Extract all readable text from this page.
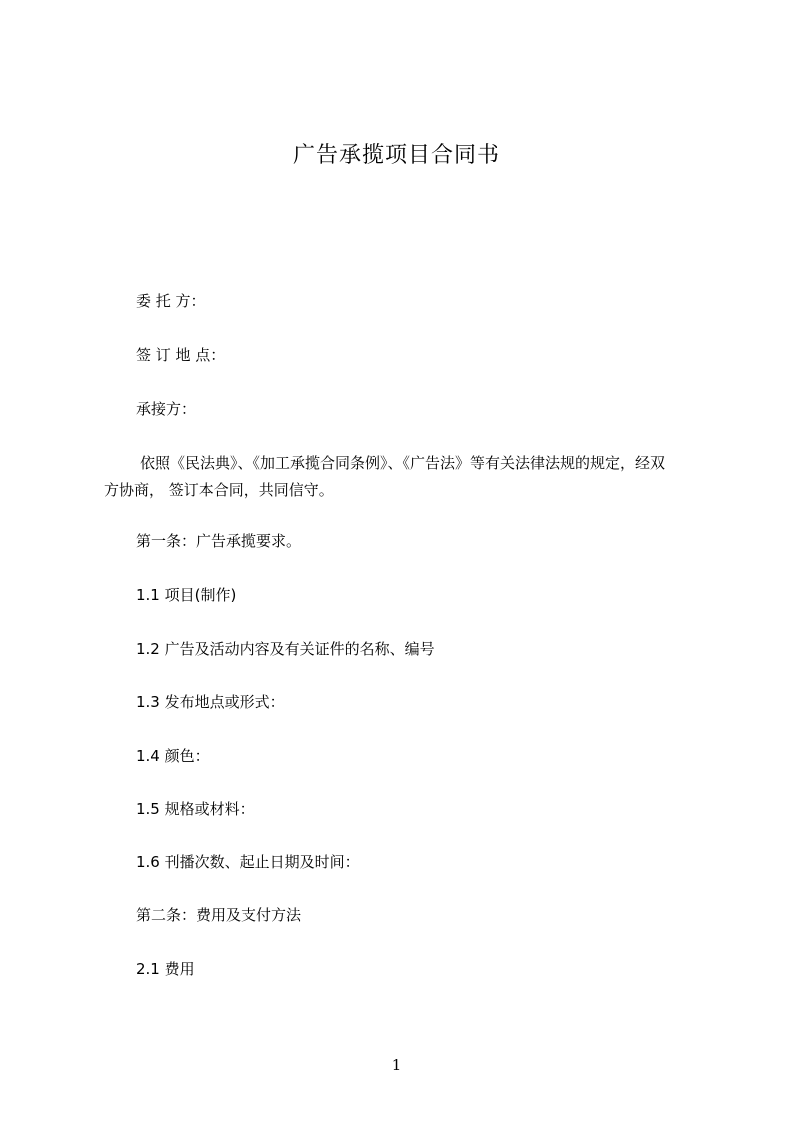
广告承揽项目合同书
委 托 方：
签 订 地 点：
承接方：
依照《民法典》、《加工承揽合同条例》、《广告法》等有关法律法规的规定，经双
方协商， 签订本合同，共同信守。
第一条：广告承揽要求。
1.1 项目(制作)
1.2 广告及活动内容及有关证件的名称、编号
1.3 发布地点或形式：
1.4 颜色：
1.5 规格或材料：
1.6 刊播次数、起止日期及时间：
第二条：费用及支付方法
2.1 费用
1
